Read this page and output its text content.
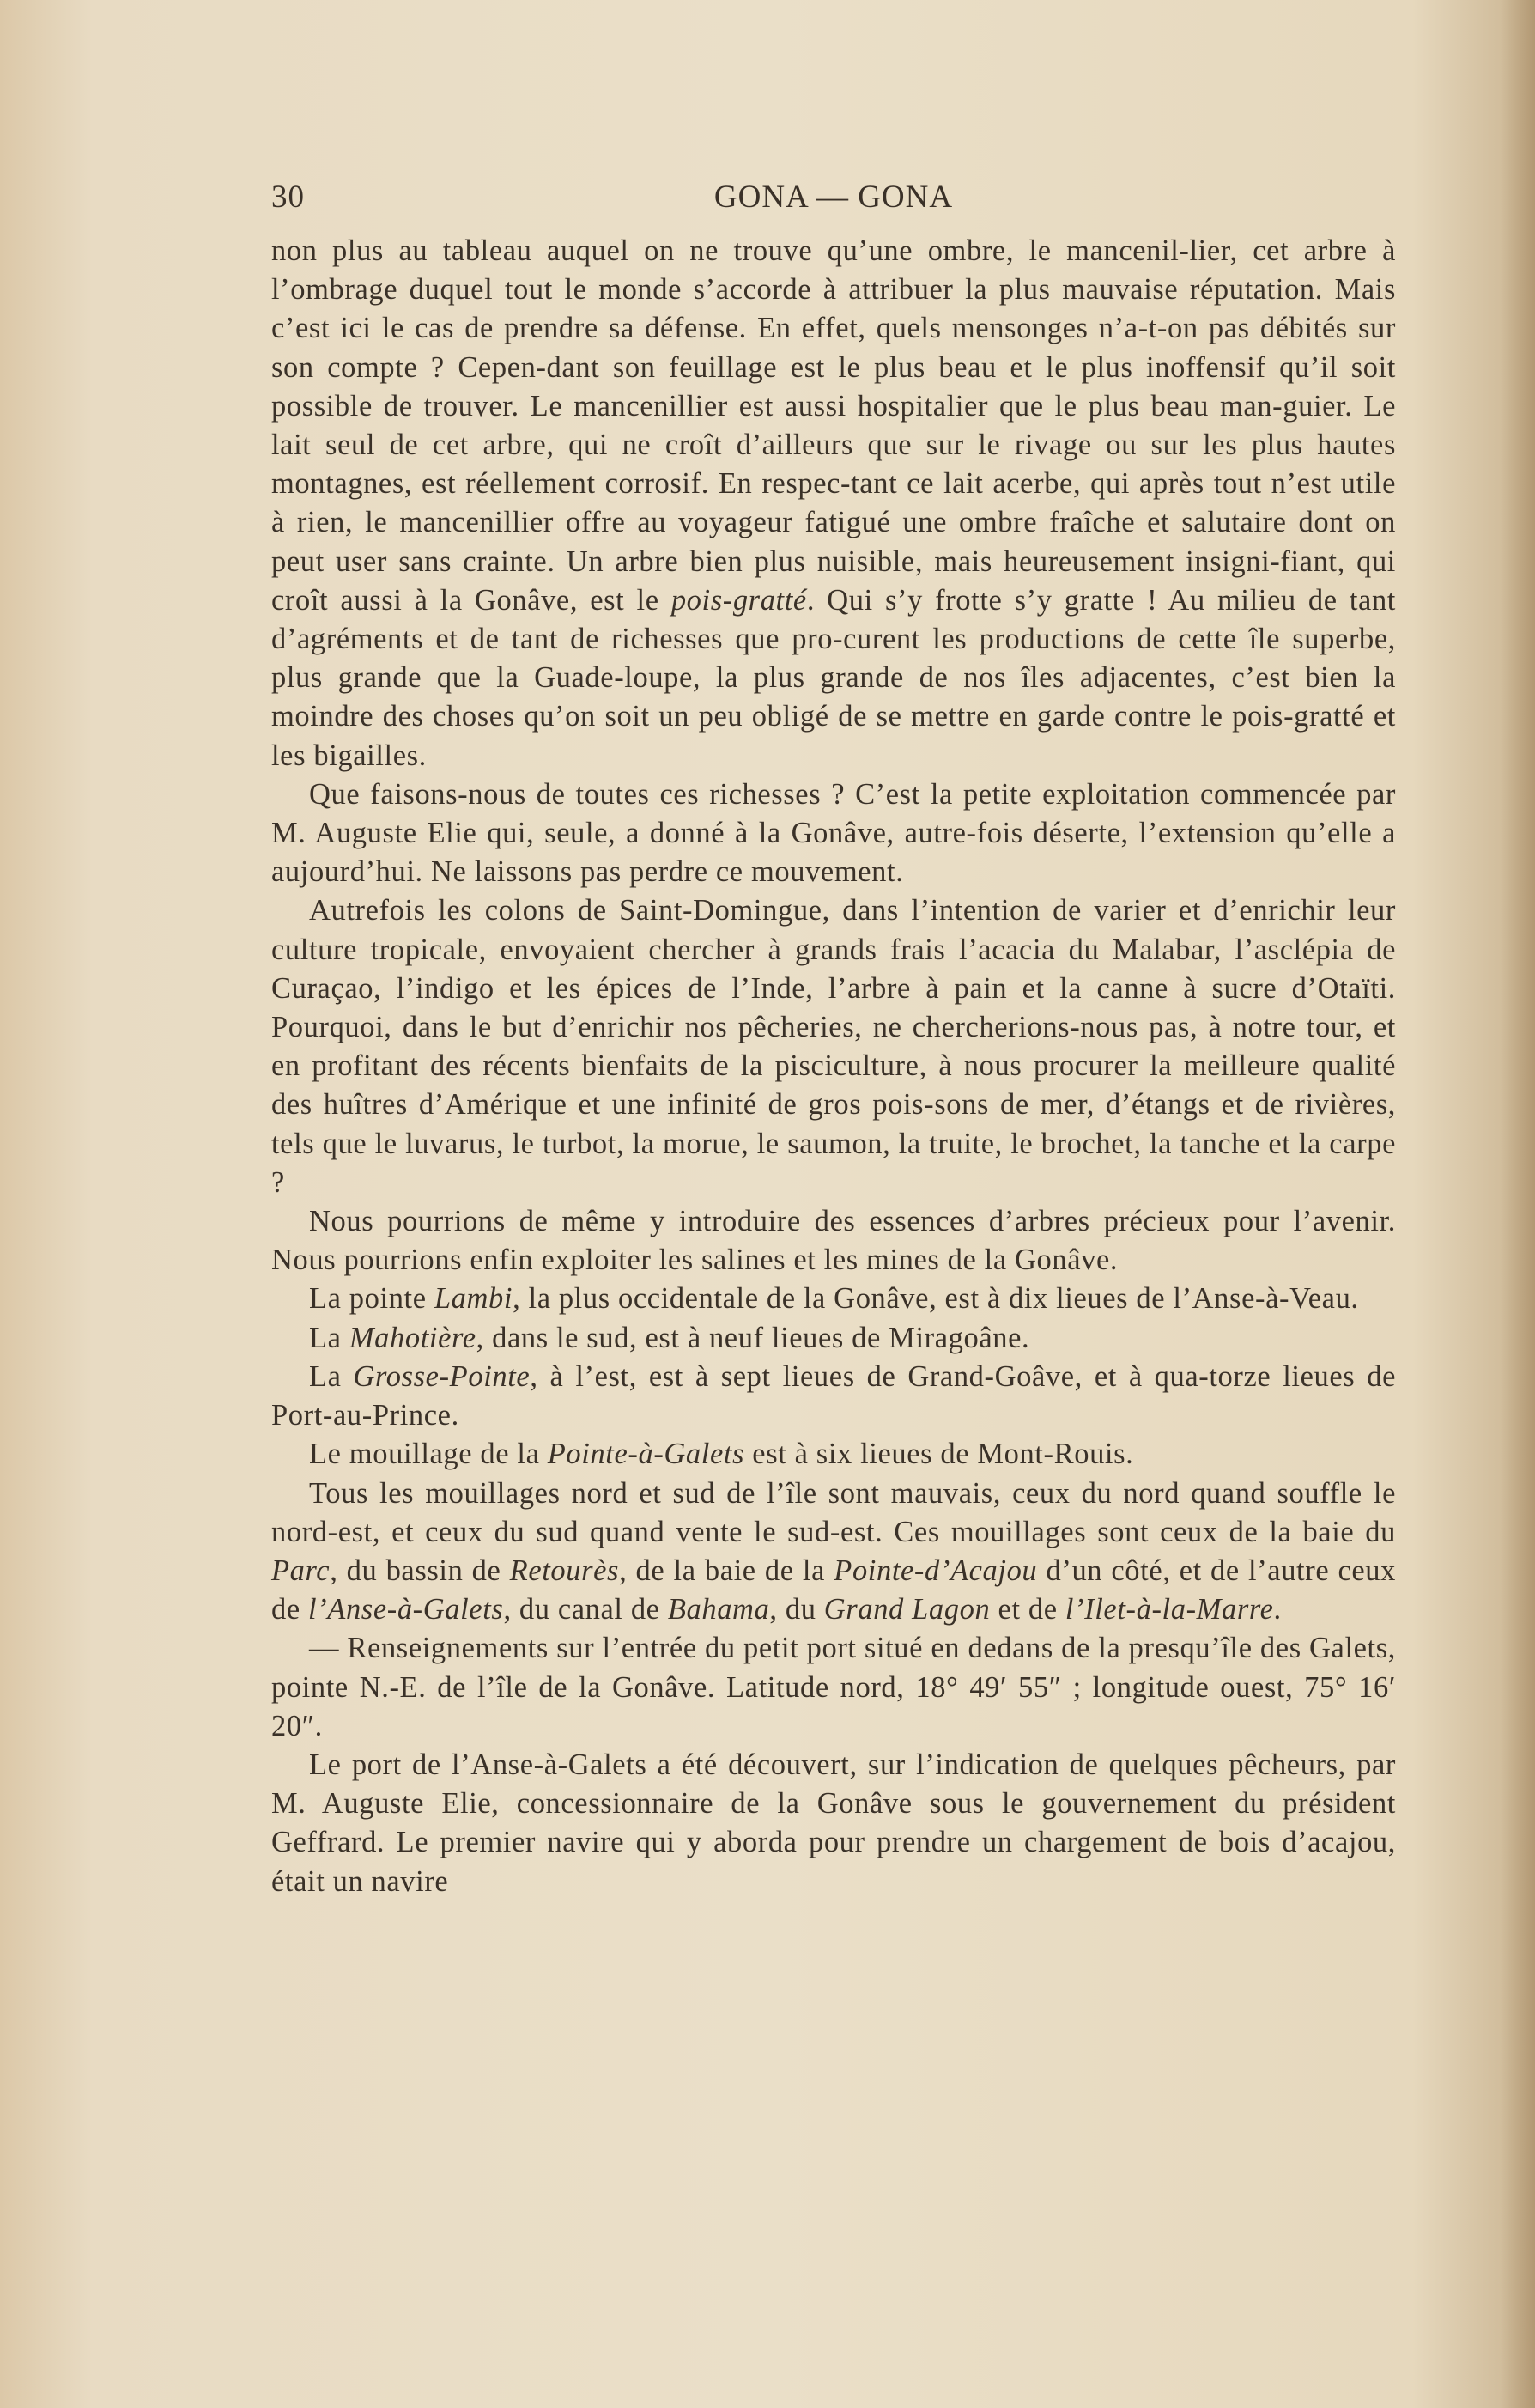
30	GONA — GONA

non plus au tableau auquel on ne trouve qu’une ombre, le mancenil-lier, cet arbre à l’ombrage duquel tout le monde s’accorde à attribuer la plus mauvaise réputation. Mais c’est ici le cas de prendre sa défense. En effet, quels mensonges n’a-t-on pas débités sur son compte ? Cepen-dant son feuillage est le plus beau et le plus inoffensif qu’il soit possible de trouver. Le mancenillier est aussi hospitalier que le plus beau man-guier. Le lait seul de cet arbre, qui ne croît d’ailleurs que sur le rivage ou sur les plus hautes montagnes, est réellement corrosif. En respec-tant ce lait acerbe, qui après tout n’est utile à rien, le mancenillier offre au voyageur fatigué une ombre fraîche et salutaire dont on peut user sans crainte. Un arbre bien plus nuisible, mais heureusement insigni-fiant, qui croît aussi à la Gonâve, est le pois-gratté. Qui s’y frotte s’y gratte ! Au milieu de tant d’agréments et de tant de richesses que pro-curent les productions de cette île superbe, plus grande que la Guade-loupe, la plus grande de nos îles adjacentes, c’est bien la moindre des choses qu’on soit un peu obligé de se mettre en garde contre le pois-gratté et les bigailles.

Que faisons-nous de toutes ces richesses ? C’est la petite exploitation commencée par M. Auguste Elie qui, seule, a donné à la Gonâve, autre-fois déserte, l’extension qu’elle a aujourd’hui. Ne laissons pas perdre ce mouvement.

Autrefois les colons de Saint-Domingue, dans l’intention de varier et d’enrichir leur culture tropicale, envoyaient chercher à grands frais l’acacia du Malabar, l’asclépia de Curaçao, l’indigo et les épices de l’Inde, l’arbre à pain et la canne à sucre d’Otaïti. Pourquoi, dans le but d’enrichir nos pêcheries, ne chercherions-nous pas, à notre tour, et en profitant des récents bienfaits de la pisciculture, à nous procurer la meilleure qualité des huîtres d’Amérique et une infinité de gros pois-sons de mer, d’étangs et de rivières, tels que le luvarus, le turbot, la morue, le saumon, la truite, le brochet, la tanche et la carpe ?

Nous pourrions de même y introduire des essences d’arbres précieux pour l’avenir. Nous pourrions enfin exploiter les salines et les mines de la Gonâve.

La pointe Lambi, la plus occidentale de la Gonâve, est à dix lieues de l’Anse-à-Veau.

La Mahotière, dans le sud, est à neuf lieues de Miragoâne.

La Grosse-Pointe, à l’est, est à sept lieues de Grand-Goâve, et à qua-torze lieues de Port-au-Prince.

Le mouillage de la Pointe-à-Galets est à six lieues de Mont-Rouis.

Tous les mouillages nord et sud de l’île sont mauvais, ceux du nord quand souffle le nord-est, et ceux du sud quand vente le sud-est. Ces mouillages sont ceux de la baie du Parc, du bassin de Retourès, de la baie de la Pointe-d’Acajou d’un côté, et de l’autre ceux de l’Anse-à-Galets, du canal de Bahama, du Grand Lagon et de l’Ilet-à-la-Marre.

— Renseignements sur l’entrée du petit port situé en dedans de la presqu’île des Galets, pointe N.-E. de l’île de la Gonâve. Latitude nord, 18° 49′ 55″ ; longitude ouest, 75° 16′ 20″.

Le port de l’Anse-à-Galets a été découvert, sur l’indication de quelques pêcheurs, par M. Auguste Elie, concessionnaire de la Gonâve sous le gouvernement du président Geffrard. Le premier navire qui y aborda pour prendre un chargement de bois d’acajou, était un navire
